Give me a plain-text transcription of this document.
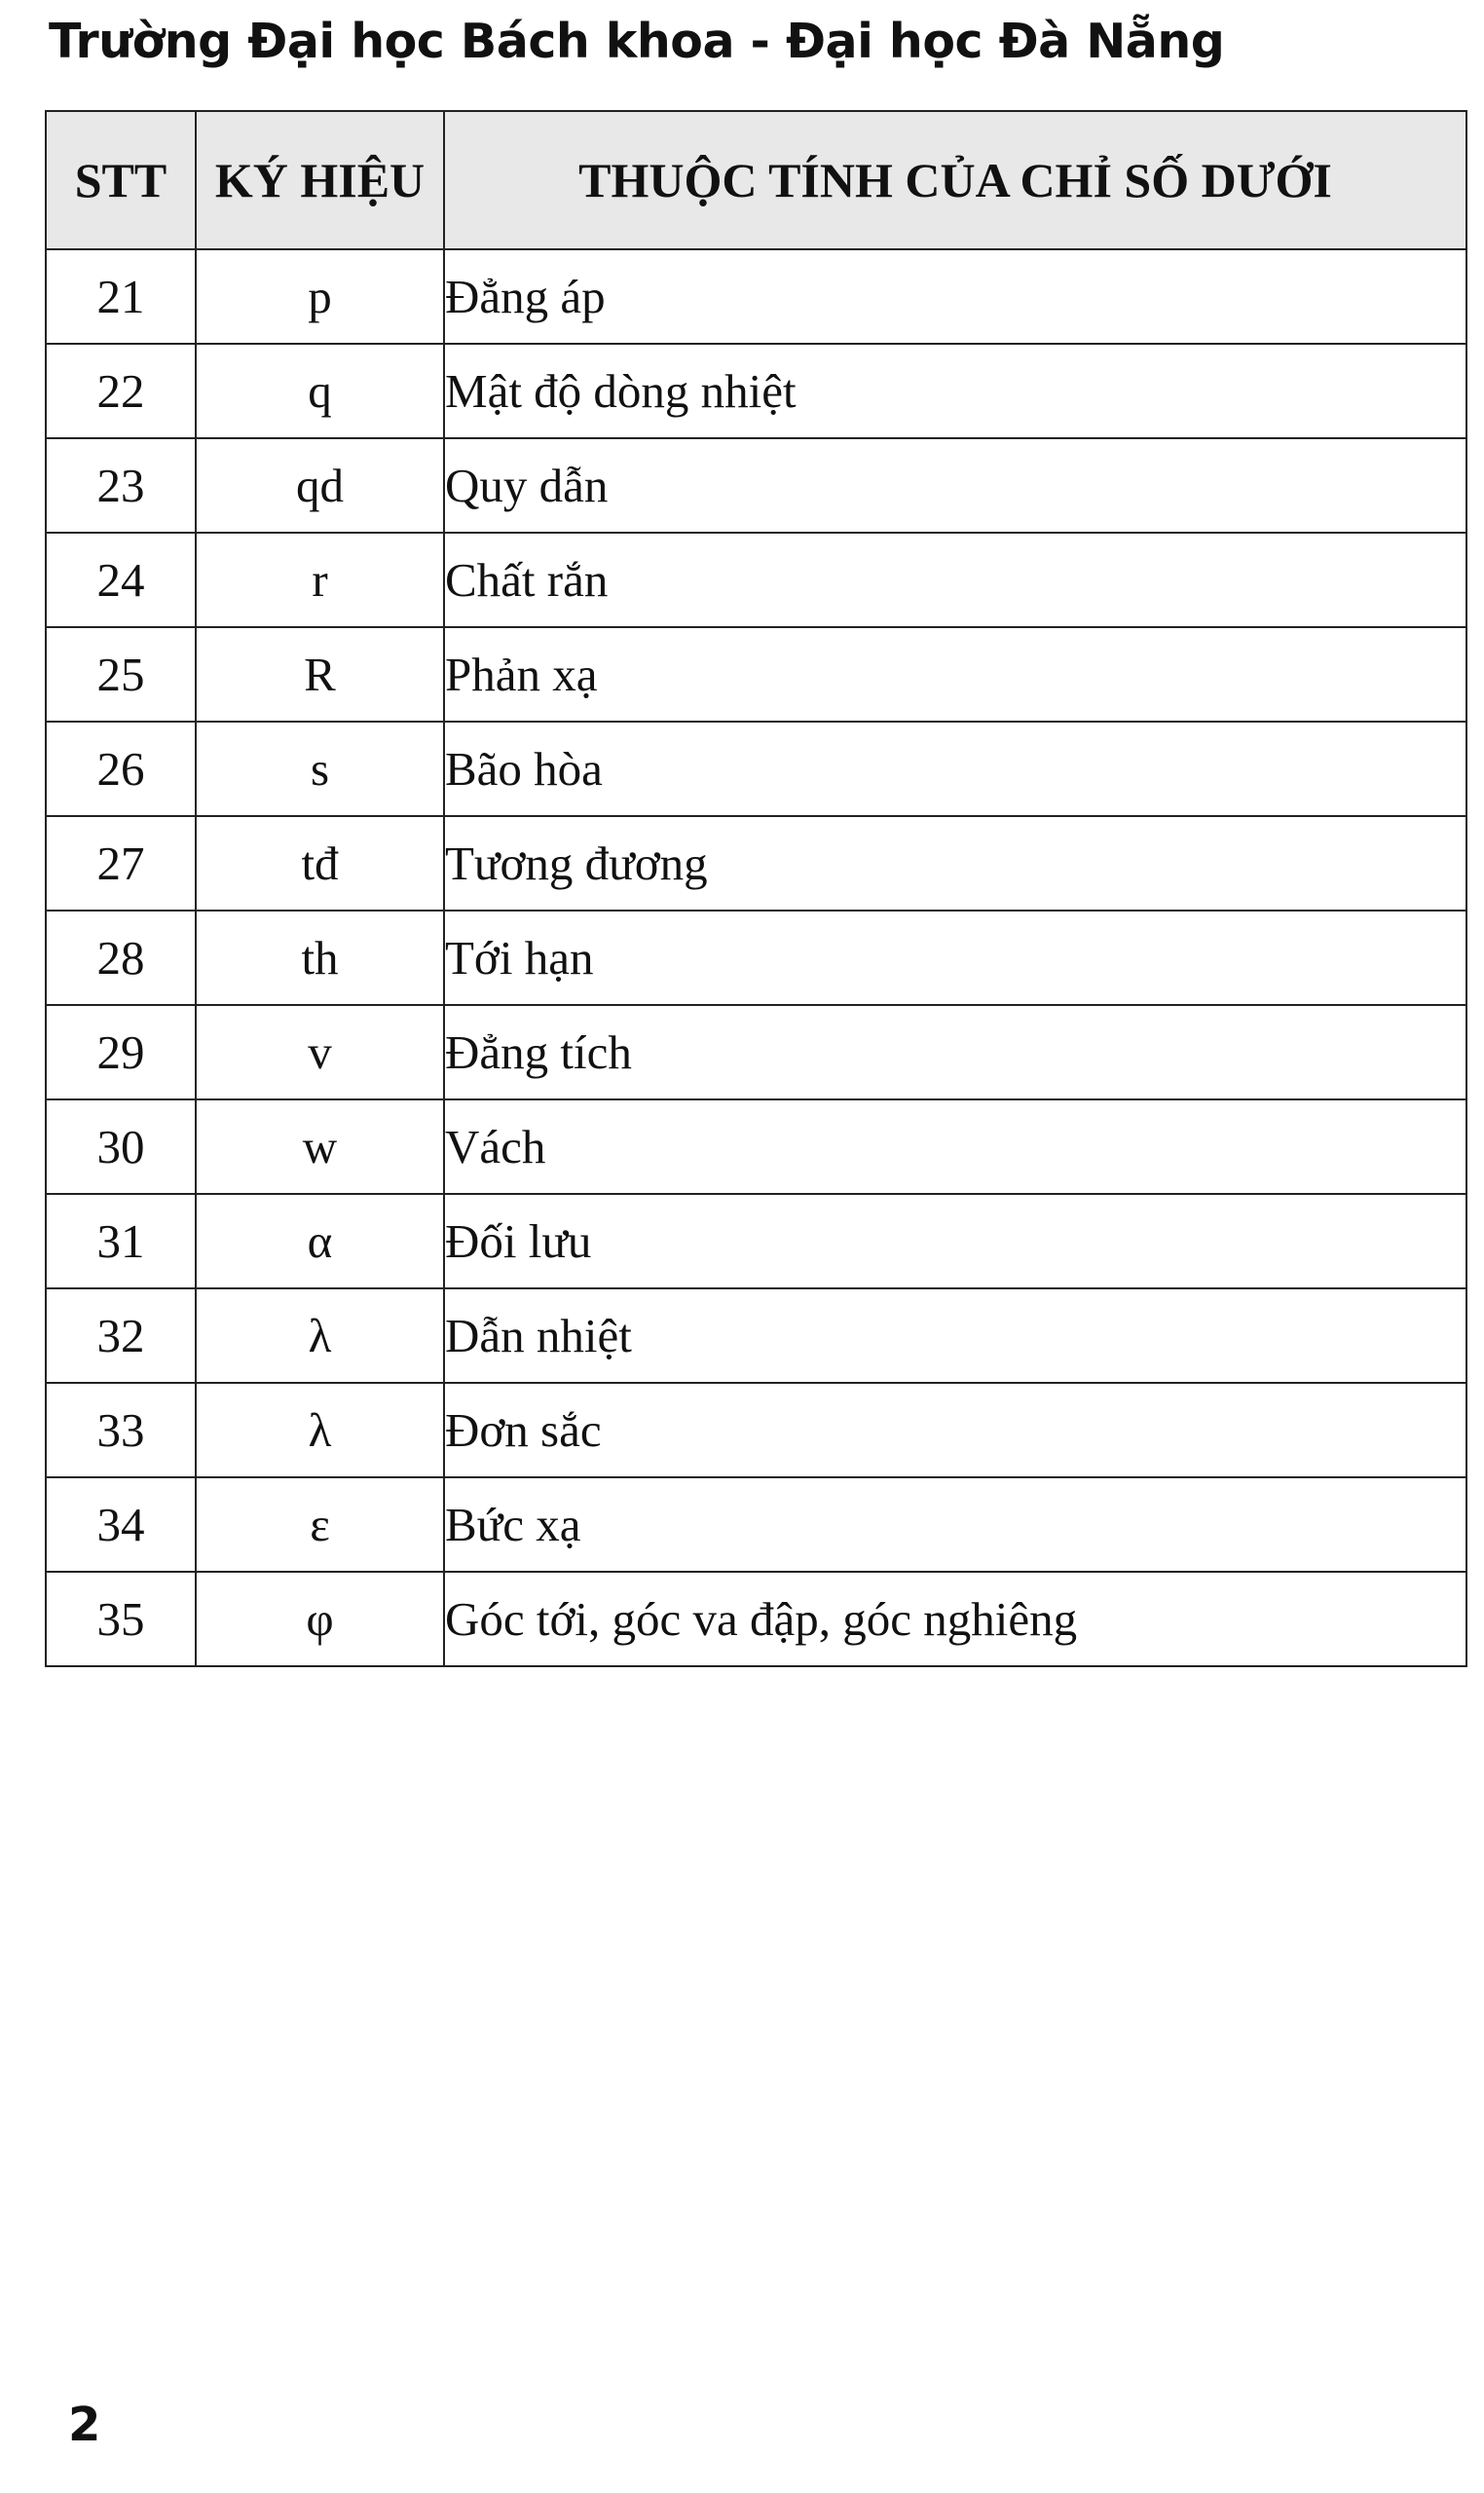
Trường Đại học Bách khoa - Đại học Đà Nẵng
STT	KÝ HIỆU	THUỘC TÍNH CỦA CHỈ SỐ DƯỚI
21	p	Đẳng áp
22	q	Mật độ dòng nhiệt
23	qd	Quy dẫn
24	r	Chất rắn
25	R	Phản xạ
26	s	Bão hòa
27	tđ	Tương đương
28	th	Tới hạn
29	v	Đẳng tích
30	w	Vách
31	α	Đối lưu
32	λ	Dẫn nhiệt
33	λ	Đơn sắc
34	ε	Bức xạ
35	φ	Góc tới, góc va đập, góc nghiêng
2
